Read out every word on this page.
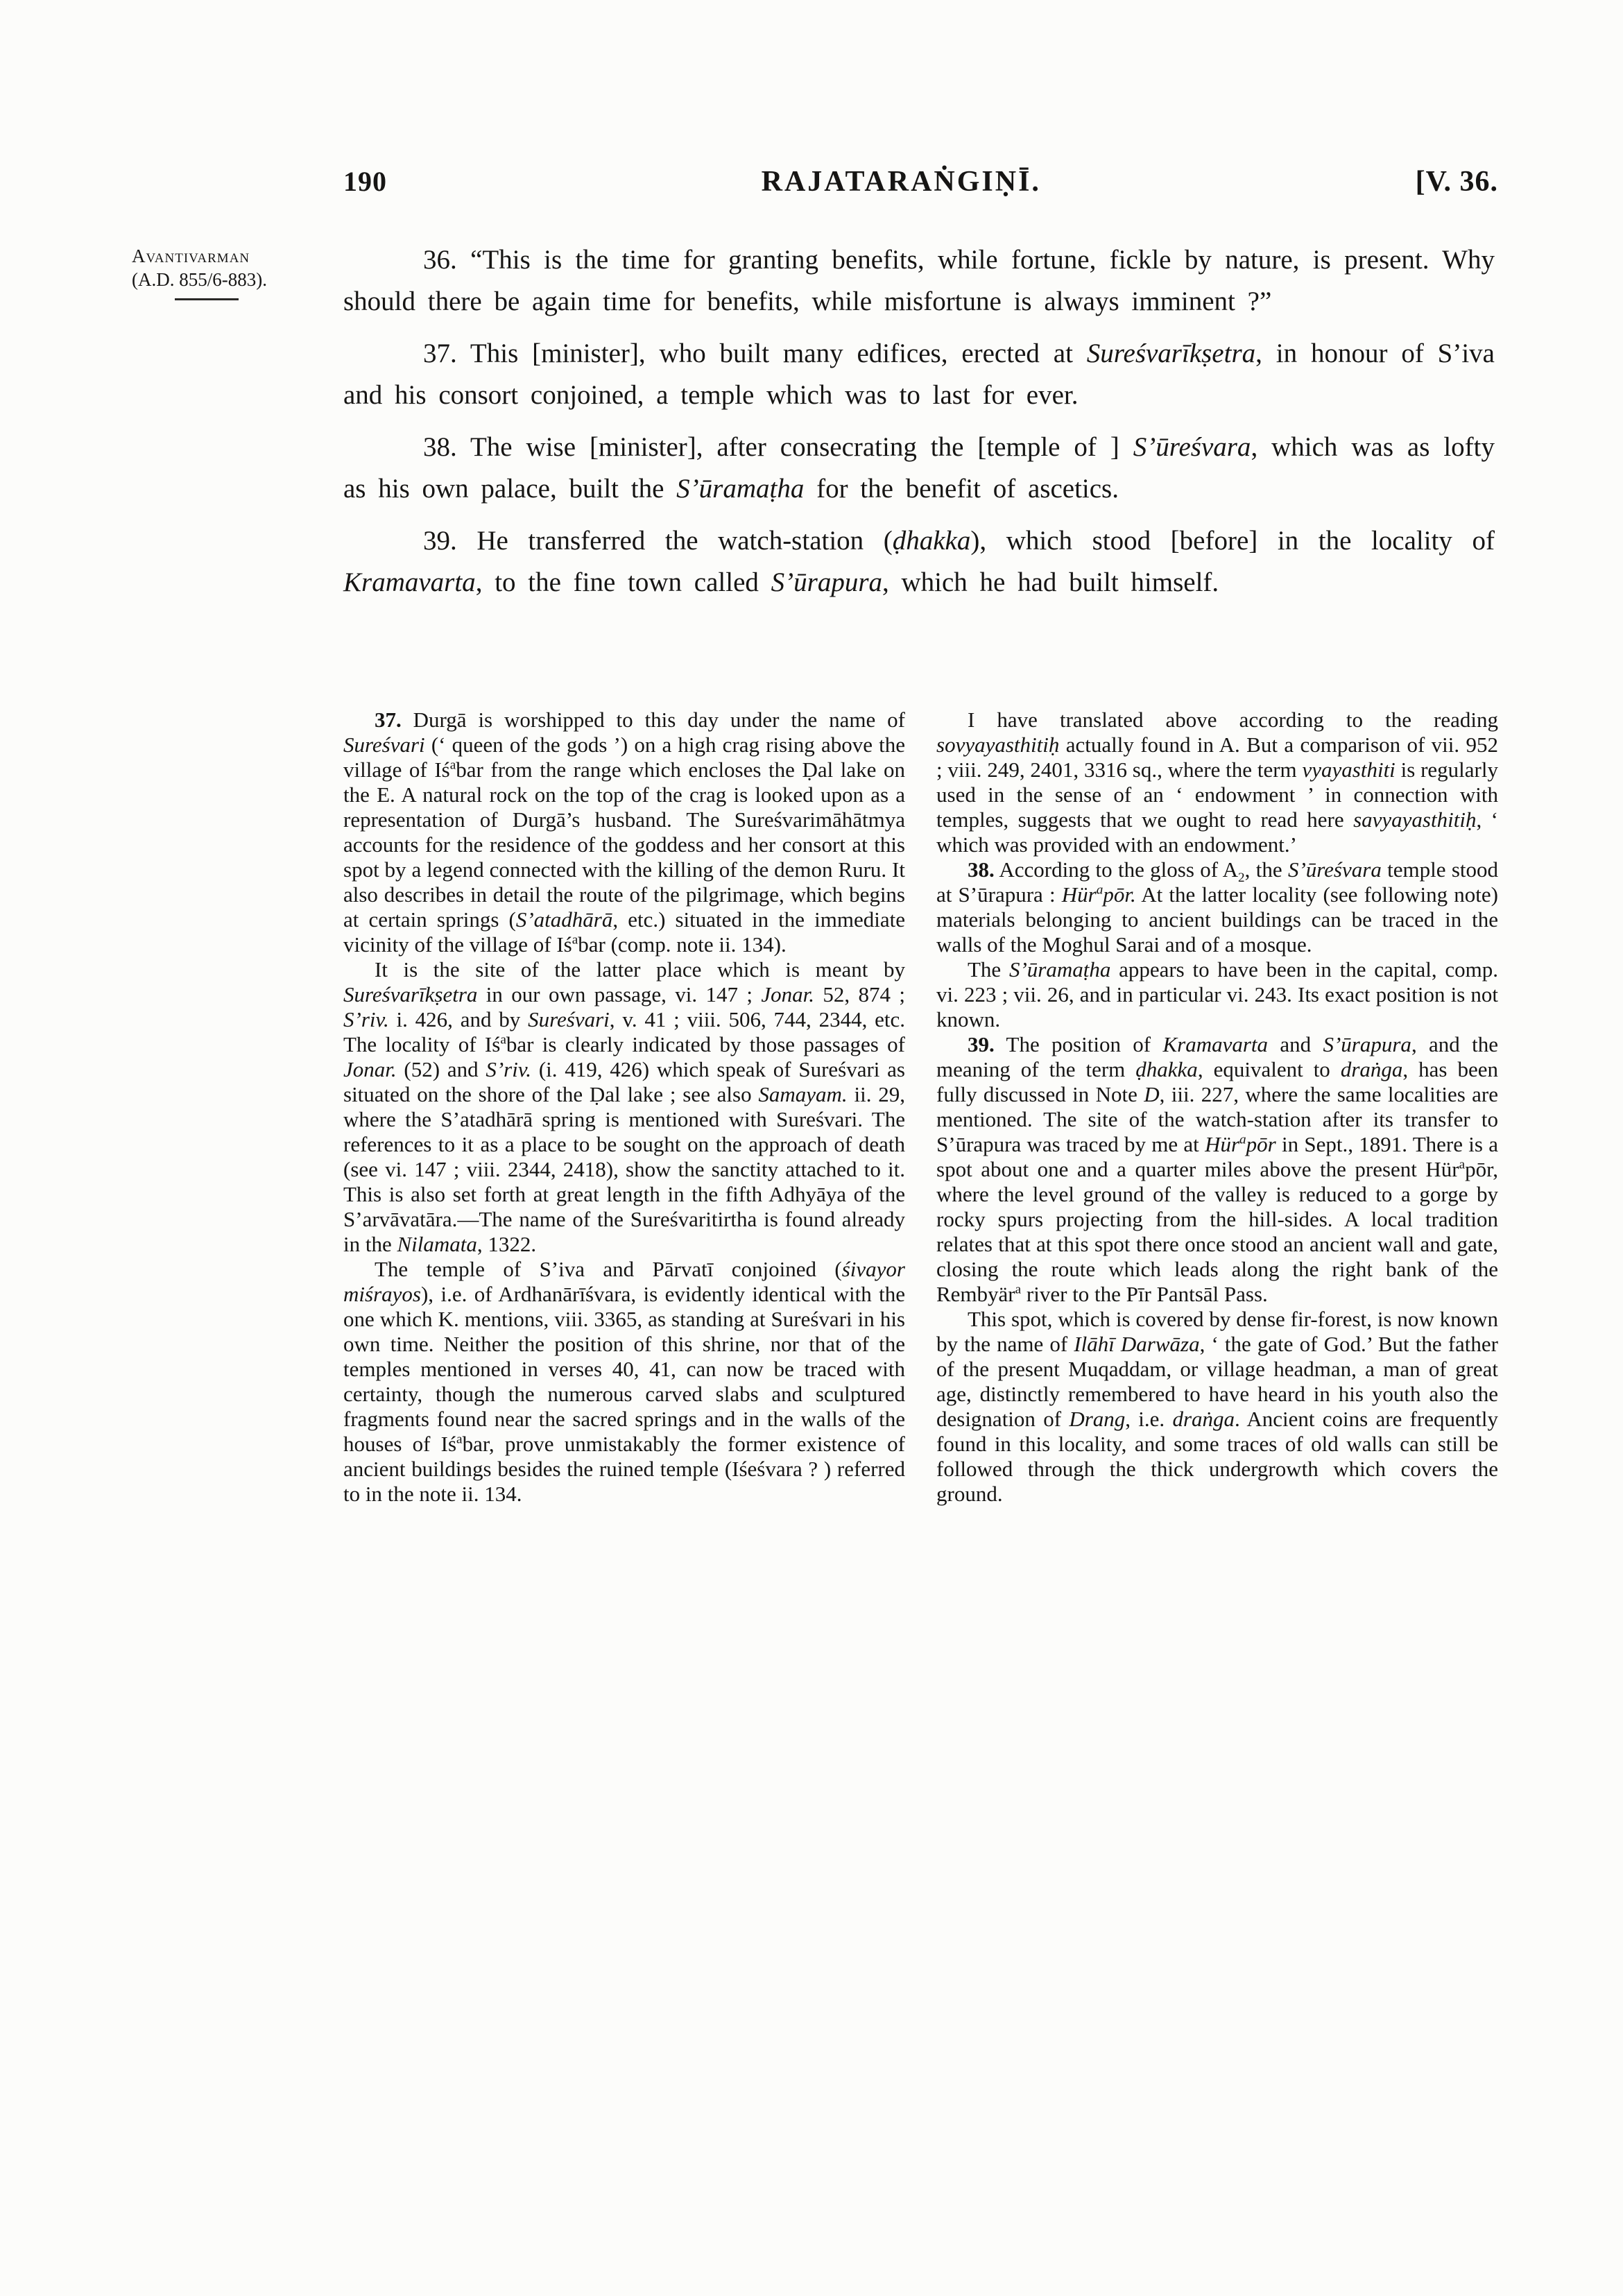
190	RAJATARAṄGIṆĪ.	[V. 36.
Avantivarman
(A.D. 855/6-883).

36. “This is the time for granting benefits, while fortune, fickle by nature, is present. Why should there be again time for benefits, while misfortune is always imminent ?”

37. This [minister], who built many edifices, erected at Sureśvarīkṣetra, in honour of S’iva and his consort conjoined, a temple which was to last for ever.

38. The wise [minister], after consecrating the [temple of ] S’ūreśvara, which was as lofty as his own palace, built the S’ūramaṭha for the benefit of ascetics.

39. He transferred the watch-station (ḍhakka), which stood [before] in the locality of Kramavarta, to the fine town called S’ūrapura, which he had built himself.

37. Durgā is worshipped to this day under the name of Sureśvari (‘ queen of the gods ’) on a high crag rising above the village of $Iś^abar$ from the range which encloses the Ḍal lake on the E. A natural rock on the top of the crag is looked upon as a representation of Durgā’s husband. The Sureśvarimāhātmya accounts for the residence of the goddess and her consort at this spot by a legend connected with the killing of the demon Ruru. It also describes in detail the route of the pilgrimage, which begins at certain springs (S’atadhārā, etc.) situated in the immediate vicinity of the village of $Iś^abar$ (comp. note ii. 134).

It is the site of the latter place which is meant by Sureśvarīkṣetra in our own passage, vi. 147 ; Jonar. 52, 874 ; S’riv. i. 426, and by Sureśvari, v. 41 ; viii. 506, 744, 2344, etc. The locality of $Iś^abar$ is clearly indicated by those passages of Jonar. (52) and S’riv. (i. 419, 426) which speak of Sureśvari as situated on the shore of the Ḍal lake ; see also Samayam. ii. 29, where the S’atadhārā spring is mentioned with Sureśvari. The references to it as a place to be sought on the approach of death (see vi. 147 ; viii. 2344, 2418), show the sanctity attached to it. This is also set forth at great length in the fifth Adhyāya of the S’arvāvatāra.—The name of the Sureśvaritirtha is found already in the Nilamata, 1322.

The temple of S’iva and Pārvatī conjoined (śivayor miśrayos), i.e. of Ardhanārīśvara, is evidently identical with the one which K. mentions, viii. 3365, as standing at Sureśvari in his own time. Neither the position of this shrine, nor that of the temples mentioned in verses 40, 41, can now be traced with certainty, though the numerous carved slabs and sculptured fragments found near the sacred springs and in the walls of the houses of $Iś^abar$, prove unmistakably the former existence of ancient buildings besides the ruined temple (Iśeśvara ? ) referred to in the note ii. 134.

I have translated above according to the reading sovyayasthitiḥ actually found in A. But a comparison of vii. 952 ; viii. 249, 2401, 3316 sq., where the term vyayasthiti is regularly used in the sense of an ‘ endowment ’ in connection with temples, suggests that we ought to read here savyayasthitiḥ, ‘ which was provided with an endowment.’

38. According to the gloss of $A_2$, the S’ūreśvara temple stood at S’ūrapura : Hür$^a$pōr. At the latter locality (see following note) materials belonging to ancient buildings can be traced in the walls of the Moghul Sarai and of a mosque.

The S’ūramaṭha appears to have been in the capital, comp. vi. 223 ; vii. 26, and in particular vi. 243. Its exact position is not known.

39. The position of Kramavarta and S’ūrapura, and the meaning of the term ḍhakka, equivalent to draṅga, has been fully discussed in Note D, iii. 227, where the same localities are mentioned. The site of the watch-station after its transfer to S’ūrapura was traced by me at Hür$^a$pōr in Sept., 1891. There is a spot about one and a quarter miles above the present Hür$^a$pōr, where the level ground of the valley is reduced to a gorge by rocky spurs projecting from the hill-sides. A local tradition relates that at this spot there once stood an ancient wall and gate, closing the route which leads along the right bank of the Rembyär$^a$ river to the Pīr Pantsāl Pass.

This spot, which is covered by dense fir-forest, is now known by the name of Ilāhī Darwāza, ‘ the gate of God.’ But the father of the present Muqaddam, or village headman, a man of great age, distinctly remembered to have heard in his youth also the designation of Drang, i.e. draṅga. Ancient coins are frequently found in this locality, and some traces of old walls can still be followed through the thick undergrowth which covers the ground.
